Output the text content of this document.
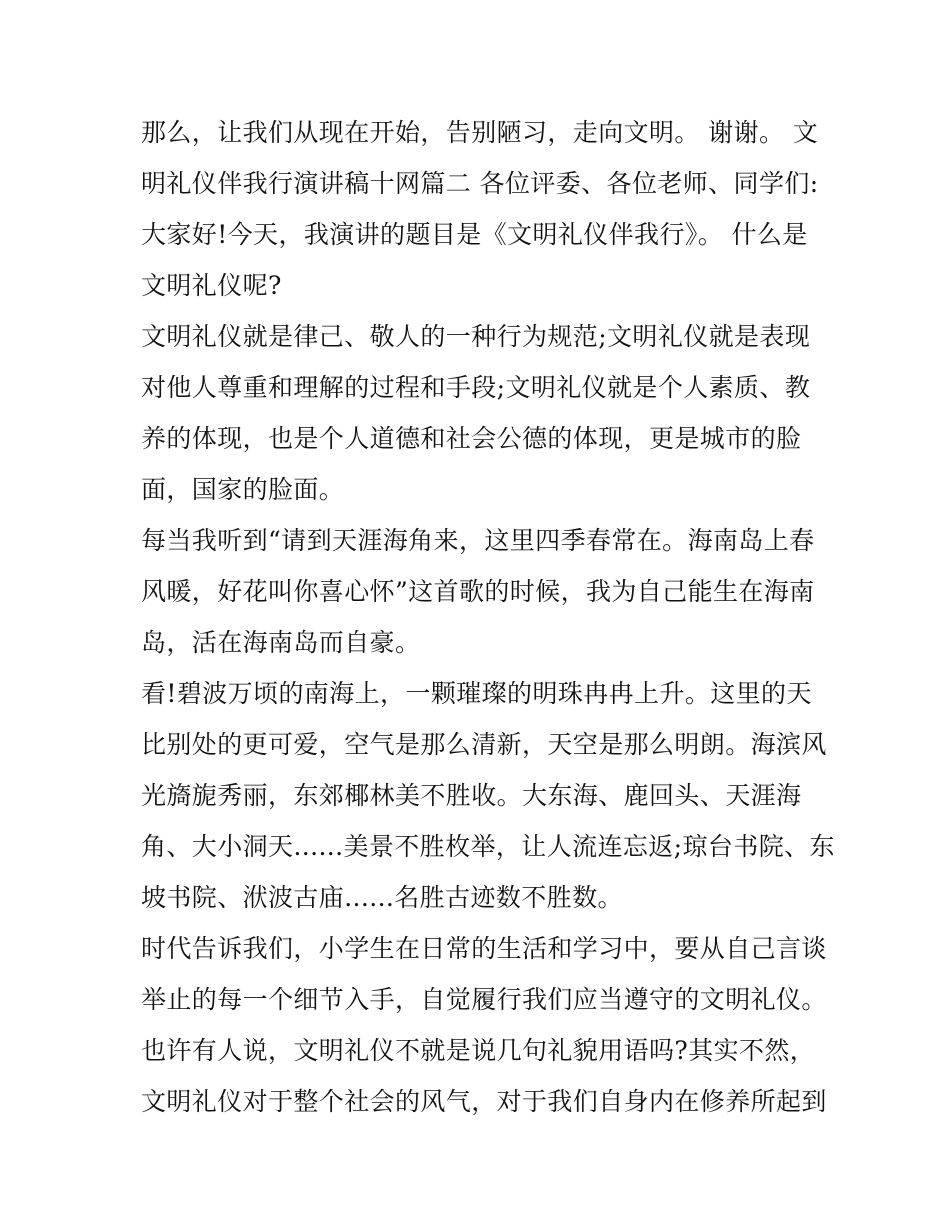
那么，让我们从现在开始，告别陋习，走向文明。 谢谢。 文
明礼仪伴我行演讲稿十网篇二 各位评委、各位老师、同学们:
大家好!今天，我演讲的题目是《文明礼仪伴我行》。 什么是
文明礼仪呢?
文明礼仪就是律己、敬人的一种行为规范;文明礼仪就是表现
对他人尊重和理解的过程和手段;文明礼仪就是个人素质、教
养的体现，也是个人道德和社会公德的体现，更是城市的脸
面，国家的脸面。
每当我听到“请到天涯海角来，这里四季春常在。海南岛上春
风暖，好花叫你喜心怀”这首歌的时候，我为自己能生在海南
岛，活在海南岛而自豪。
看!碧波万顷的南海上，一颗璀璨的明珠冉冉上升。这里的天
比别处的更可爱，空气是那么清新，天空是那么明朗。海滨风
光旖旎秀丽，东郊椰林美不胜收。大东海、鹿回头、天涯海
角、大小洞天......美景不胜枚举，让人流连忘返;琼台书院、东
坡书院、洑波古庙......名胜古迹数不胜数。
时代告诉我们，小学生在日常的生活和学习中，要从自己言谈
举止的每一个细节入手，自觉履行我们应当遵守的文明礼仪。
也许有人说，文明礼仪不就是说几句礼貌用语吗?其实不然，
文明礼仪对于整个社会的风气，对于我们自身内在修养所起到
